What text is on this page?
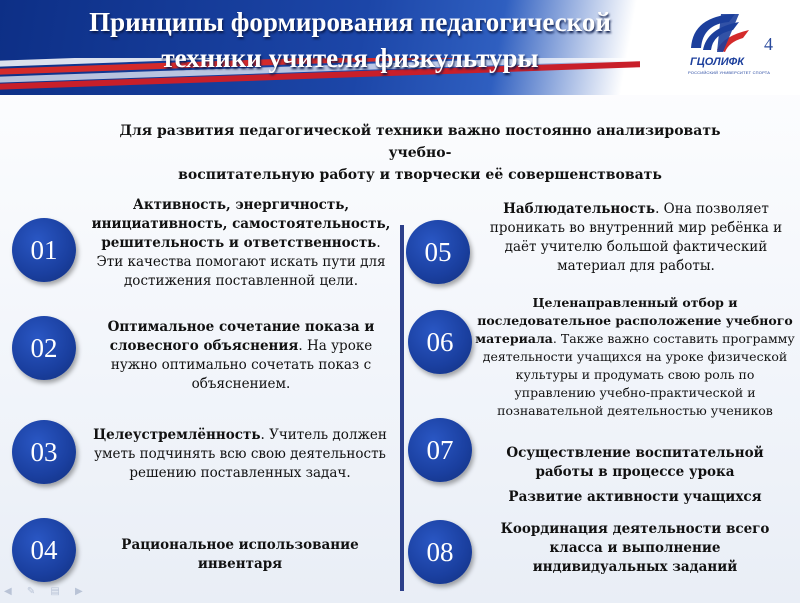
Принципы формирования педагогической
техники учителя физкультуры	ГЦОЛИФК
РОССИЙСКИЙ УНИВЕРСИТЕТ СПОРТА
4
Для развития педагогической техники важно постоянно анализировать учебно-
воспитательную работу и творчески её совершенствовать
01
Активность, энергичность, инициативность, самостоятельность, решительность и ответственность. Эти качества помогают искать пути для достижения поставленной цели.
02
Оптимальное сочетание показа и словесного объяснения. На уроке нужно оптимально сочетать показ с объяснением.
03
Целеустремлённость. Учитель должен уметь подчинять всю свою деятельность решению поставленных задач.
04	Рациональное использование инвентаря
05
Наблюдательность. Она позволяет проникать во внутренний мир ребёнка и даёт учителю большой фактический материал для работы.
06
Целенаправленный отбор и последовательное расположение учебного материала. Также важно составить программу деятельности учащихся на уроке физической культуры и продумать свою роль по управлению учебно-практической и познавательной деятельностью учеников
07	Осуществление воспитательной работы в процессе урока
Развитие активности учащихся
08
Координация деятельности всего класса и выполнение индивидуальных заданий
◀ ✎ ▤ ▶
